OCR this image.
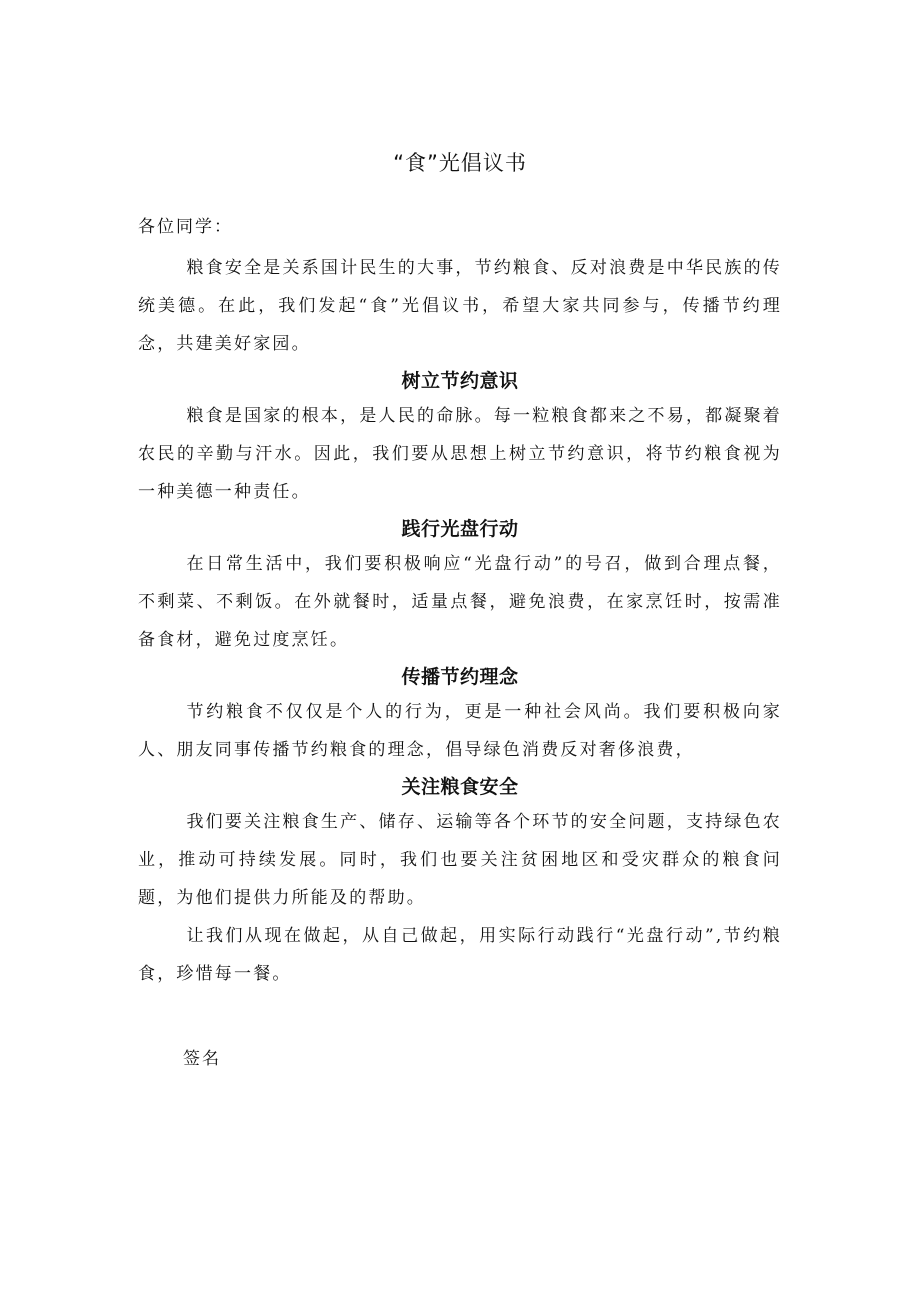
“食”光倡议书

各位同学：

粮食安全是关系国计民生的大事，节约粮食、反对浪费是中华民族的传统美德。在此，我们发起“食”光倡议书，希望大家共同参与，传播节约理念，共建美好家园。

树立节约意识

粮食是国家的根本，是人民的命脉。每一粒粮食都来之不易，都凝聚着农民的辛勤与汗水。因此，我们要从思想上树立节约意识，将节约粮食视为一种美德一种责任。

践行光盘行动

在日常生活中，我们要积极响应“光盘行动”的号召，做到合理点餐，不剩菜、不剩饭。在外就餐时，适量点餐，避免浪费，在家烹饪时，按需准备食材，避免过度烹饪。

传播节约理念

节约粮食不仅仅是个人的行为，更是一种社会风尚。我们要积极向家人、朋友同事传播节约粮食的理念，倡导绿色消费反对奢侈浪费，

关注粮食安全

我们要关注粮食生产、储存、运输等各个环节的安全问题，支持绿色农业，推动可持续发展。同时，我们也要关注贫困地区和受灾群众的粮食问题，为他们提供力所能及的帮助。

让我们从现在做起，从自己做起，用实际行动践行“光盘行动”,节约粮食，珍惜每一餐。

签名
